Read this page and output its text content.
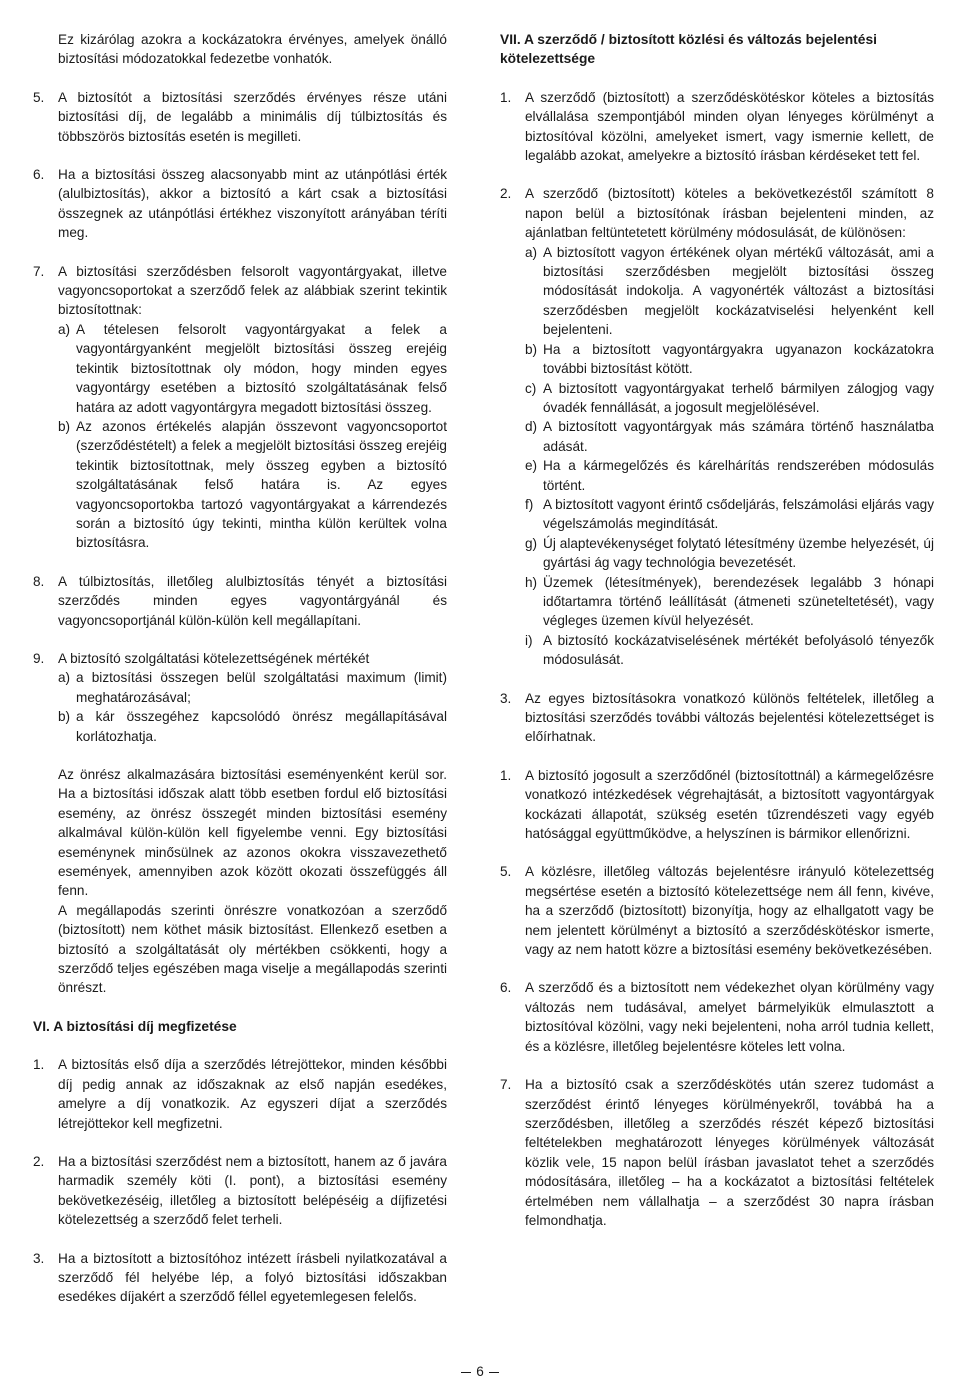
Ez kizárólag azokra a kockázatokra érvényes, amelyek önálló biztosítási módozatokkal fedezetbe vonhatók.

5. A biztosítót a biztosítási szerződés érvényes része utáni biztosítási díj, de legalább a minimális díj túlbiztosítás és többszörös biztosítás esetén is megilleti.

6. Ha a biztosítási összeg alacsonyabb mint az utánpótlási érték (alulbiztosítás), akkor a biztosító a kárt csak a biztosítási összegnek az utánpótlási értékhez viszonyított arányában téríti meg.

7. A biztosítási szerződésben felsorolt vagyontárgyakat, illetve vagyoncsoportokat a szerződő felek az alábbiak szerint tekintik biztosítottnak:

a) A tételesen felsorolt vagyontárgyakat a felek a vagyontárgyanként megjelölt biztosítási összeg erejéig tekintik biztosítottnak oly módon, hogy minden egyes vagyontárgy esetében a biztosító szolgáltatásának felső határa az adott vagyontárgyra megadott biztosítási összeg.

b) Az azonos értékelés alapján összevont vagyoncsoportot (szerződéstételt) a felek a megjelölt biztosítási összeg erejéig tekintik biztosítottnak, mely összeg egyben a biztosító szolgáltatásának felső határa is. Az egyes vagyoncsoportokba tartozó vagyontárgyakat a kárrendezés során a biztosító úgy tekinti, mintha külön kerültek volna biztosításra.

8. A túlbiztosítás, illetőleg alulbiztosítás tényét a biztosítási szerződés minden egyes vagyontárgyánál és vagyoncsoportjánál külön-külön kell megállapítani.

9. A biztosító szolgáltatási kötelezettségének mértékét

a) a biztosítási összegen belül szolgáltatási maximum (limit) meghatározásával;

b) a kár összegéhez kapcsolódó önrész megállapításával korlátozhatja.

Az önrész alkalmazására biztosítási eseményenként kerül sor. Ha a biztosítási időszak alatt több esetben fordul elő biztosítási esemény, az önrész összegét minden biztosítási esemény alkalmával külön-külön kell figyelembe venni. Egy biztosítási eseménynek minősülnek az azonos okokra visszavezethető események, amennyiben azok között okozati összefüggés áll fenn.

A megállapodás szerinti önrészre vonatkozóan a szerződő (biztosított) nem köthet másik biztosítást. Ellenkező esetben a biztosító a szolgáltatását oly mértékben csökkenti, hogy a szerződő teljes egészében maga viselje a megállapodás szerinti önrészt.

VI. A biztosítási díj megfizetése
1. A biztosítás első díja a szerződés létrejöttekor, minden későbbi díj pedig annak az időszaknak az első napján esedékes, amelyre a díj vonatkozik. Az egyszeri díjat a szerződés létrejöttekor kell megfizetni.

2. Ha a biztosítási szerződést nem a biztosított, hanem az ő javára harmadik személy köti (I. pont), a biztosítási esemény bekövetkezéséig, illetőleg a biztosított belépéséig a díjfizetési kötelezettség a szerződő felet terheli.

3. Ha a biztosított a biztosítóhoz intézett írásbeli nyilatkozatával a szerződő fél helyébe lép, a folyó biztosítási időszakban esedékes díjakért a szerződő féllel egyetemlegesen felelős.

VII. A szerződő / biztosított közlési és változás bejelentési kötelezettsége
1. A szerződő (biztosított) a szerződéskötéskor köteles a biztosítás elvállalása szempontjából minden olyan lényeges körülményt a biztosítóval közölni, amelyeket ismert, vagy ismernie kellett, de legalább azokat, amelyekre a biztosító írásban kérdéseket tett fel.

2. A szerződő (biztosított) köteles a bekövetkezéstől számított 8 napon belül a biztosítónak írásban bejelenteni minden, az ajánlatban feltüntetetett körülmény módosulását, de különösen:

a) A biztosított vagyon értékének olyan mértékű változását, ami a biztosítási szerződésben megjelölt biztosítási összeg módosítását indokolja. A vagyonérték változást a biztosítási szerződésben megjelölt kockázatviselési helyenként kell bejelenteni.

b) Ha a biztosított vagyontárgyakra ugyanazon kockázatokra további biztosítást kötött.

c) A biztosított vagyontárgyakat terhelő bármilyen zálogjog vagy óvadék fennállását, a jogosult megjelölésével.

d) A biztosított vagyontárgyak más számára történő használatba adását.

e) Ha a kármegelőzés és kárelhárítás rendszerében módosulás történt.

f) A biztosított vagyont érintő csődeljárás, felszámolási eljárás vagy végelszámolás megindítását.

g) Új alaptevékenységet folytató létesítmény üzembe helyezését, új gyártási ág vagy technológia bevezetését.

h) Üzemek (létesítmények), berendezések legalább 3 hónapi időtartamra történő leállítását (átmeneti szüneteltetését), vagy végleges üzemen kívül helyezését.

i) A biztosító kockázatviselésének mértékét befolyásoló tényezők módosulását.

3. Az egyes biztosításokra vonatkozó különös feltételek, illetőleg a biztosítási szerződés további változás bejelentési kötelezettséget is előírhatnak.

1. A biztosító jogosult a szerződőnél (biztosítottnál) a kármegelőzésre vonatkozó intézkedések végrehajtását, a biztosított vagyontárgyak kockázati állapotát, szükség esetén tűzrendészeti vagy egyéb hatósággal együttműködve, a helyszínen is bármikor ellenőrizni.

5. A közlésre, illetőleg változás bejelentésre irányuló kötelezettség megsértése esetén a biztosító kötelezettsége nem áll fenn, kivéve, ha a szerződő (biztosított) bizonyítja, hogy az elhallgatott vagy be nem jelentett körülményt a biztosító a szerződéskötéskor ismerte, vagy az nem hatott közre a biztosítási esemény bekövetkezésében.

6. A szerződő és a biztosított nem védekezhet olyan körülmény vagy változás nem tudásával, amelyet bármelyikük elmulasztott a biztosítóval közölni, vagy neki bejelenteni, noha arról tudnia kellett, és a közlésre, illetőleg bejelentésre köteles lett volna.

7. Ha a biztosító csak a szerződéskötés után szerez tudomást a szerződést érintő lényeges körülményekről, továbbá ha a szerződésben, illetőleg a szerződés részét képező biztosítási feltételekben meghatározott lényeges körülmények változását közlik vele, 15 napon belül írásban javaslatot tehet a szerződés módosítására, illetőleg – ha a kockázatot a biztosítási feltételek értelmében nem vállalhatja – a szerződést 30 napra írásban felmondhatja.

6
